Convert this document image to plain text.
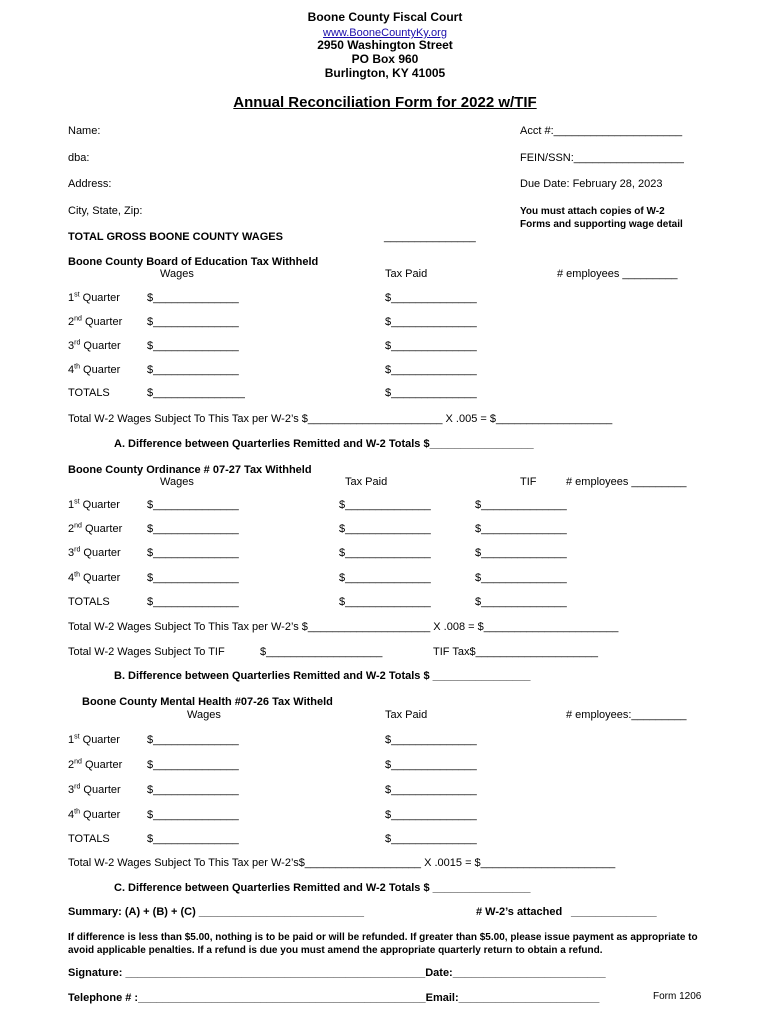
Boone County Fiscal Court
www.BooneCountyKy.org
2950 Washington Street
PO Box 960
Burlington, KY 41005
Annual Reconciliation Form for 2022 w/TIF
Name:	Acct #:_____________________
dba:	FEIN/SSN:__________________
Address:	Due Date: February 28, 2023
City, State, Zip:	You must attach copies of W-2
Forms and supporting wage detail
TOTAL GROSS BOONE COUNTY WAGES	_______________
Boone County Board of Education Tax Withheld
Wages	Tax Paid	# employees _________
1st Quarter $______________	$______________
2nd Quarter $______________	$______________
3rd Quarter $______________	$______________
4th Quarter $______________	$______________
TOTALS	$_______________	$______________
Total W-2 Wages Subject To This Tax per W-2’s $______________________ X .005 = $___________________
A. Difference between Quarterlies Remitted and W-2 Totals $_________________
Boone County Ordinance # 07-27 Tax Withheld
Wages	Tax Paid	TIF	# employees _________
1st Quarter $______________	$______________	$______________
2nd Quarter $______________	$______________	$______________
3rd Quarter $______________	$______________	$______________
4th Quarter $______________	$______________	$______________
TOTALS	$______________	$______________	$______________
Total W-2 Wages Subject To This Tax per W-2’s $____________________ X .008 = $______________________
Total W-2 Wages Subject To TIF	$___________________	TIF Tax$____________________
B. Difference between Quarterlies Remitted and W-2 Totals $ ________________
Boone County Mental Health #07-26 Tax Witheld
Wages	Tax Paid	# employees:_________
1st Quarter $______________	$______________
2nd Quarter $______________	$______________
3rd Quarter $______________	$______________
4th Quarter $______________	$______________
TOTALS	$______________	$______________
Total W-2 Wages Subject To This Tax per W-2’s$___________________ X .0015 = $______________________
C. Difference between Quarterlies Remitted and W-2 Totals $ ________________
Summary: (A) + (B) + (C) ___________________________	# W-2’s attached ______________
If difference is less than $5.00, nothing is to be paid or will be refunded. If greater than $5.00, please issue payment as appropriate to avoid applicable penalties. If a refund is due you must amend the appropriate quarterly return to obtain a refund.
Signature: _________________________________________________Date:_________________________
Telephone # :_______________________________________________Email:_______________________	Form 1206
